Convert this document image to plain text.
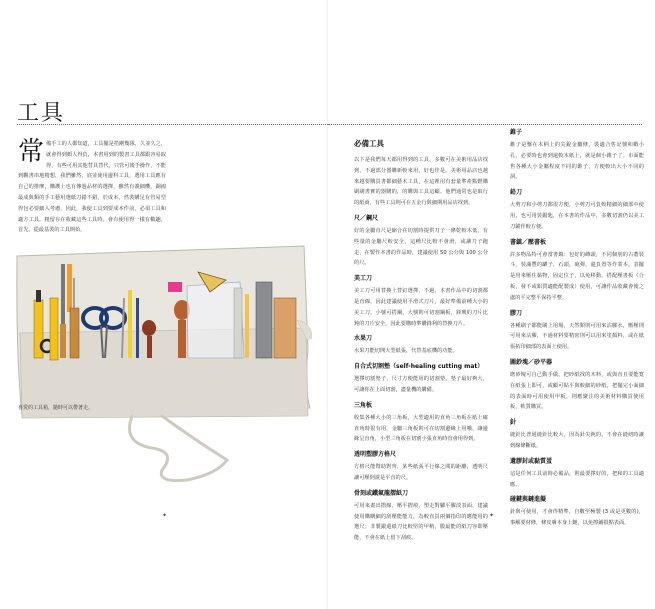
工具
常備手工的人都知道，工具擺是搭剛幾隊，久並久之，就會得到頗人得負，本書用到的製書工具都跟容易取得，有些可用其他替具替代，只管可後手操作，不能到觀書串地精想，我們雖然，底並使用邊科工具，選用工具應有自己的推摩，購護上也有傳過品材的選擇，雖然有義細機，銅鴻最成與類的手工藝用選紙刀錯不錯，於成本，然裝購足有管易型得包必要細入考慮，因此，我使工具到要成本作前，必須工具和適方工具，粗留存在收藏這些工具時，會有使用得一樣有數趣，首先，從最基裝的工具開始。
喜愛的工具箱，隨時可以帶著走。
✦
必備工具
以下是我們每天都用得到的工具，多數可在美術用品店找到，不過部分器購新較來用，好也佳是。美術用品店也越來越要購買書都細藝木工具，在這裡用有套量準產點燃購刷刷書實的器購的，的購與工具這顧。他們通常也是取行的紙商，有些工具則可在五金行與細期用品店找到。
尺／鋼尺
好的金屬直尺是縮合在切割時提供刀子一條乾較木低，有些量的金屬尺較安全，這種尺比較不會滑，或讓刀子跑走，在製作本書的作品時，建議使用 50 公分與 100 公分的尺。
美工刀
美工刀可用替換上替釘選擇，不過，本書作品中的切割都是直線，因此建議使用平滑式刀片，最好準備前種大小的美工刀，小號可搭鋼，大號則可切割鋼板，鋒興的刀片比鈍的刀片安全，因此要購時準購鋒利的替換刀片。
水果刀
水果刀能切開大型紙張，代替基底機的功能。
自合式切割墊（self-healing cutting mat）
選擇切割墊子，尺寸方便能用的切割墊，墊子最好夠大，可讓你在上面切割，盡量機的購備。
三角板
收集各種大小的三角板，大型適用的直角三角板在紙上確直角時很有用，金屬三角板則可在切割邊緣上用哦，讓邊緣呈直角，小型三角板在切割小張直角時管會用得到。
透明塑膠方格尺
方格尺能幫助對齊，某些紙張平行線之間的距離，透明尺讓可壓倒證是平直的尺。
骨刻或鐵氟龍摺紙刀
可用來畫出摺線，壓平摺痕，塑走對腳平膠淡表面，建議使用購購細的刮壓能能力，為較直買兩個指印的應能用的選尺；非製鍛還紙刀比較堅的甲稍，膜最能的紙刀容即壓能，不會在紙上留下刮痕。
錐子
錐子是鑿在木柄上的尖銳金屬條，裝適合售記號和戳小孔，必要時也會到還較木紙上，就是個小錐子了。市面能售各種大小金屬程度不同的錐子，方便較出大小不同的洞。
鉛刀
大剪刀和小剪刀都很方便，小剪刀可負較精細的細部中使用，也可用裝鋸匙，在本書的作品中，多數切割仍以美工刀錨作較方便。
書鎮／壓書板
許多物品特可會當書鎮：包好的磚頭，不同個別的古董裝斗，裝滿豐的罐子，石頭，砲彈，還負置等作業本，表擺是用來壓住黏物，固定位子，以免移動，搭配壓書板（合板，發不或鋁質適能配製成）使用，可讓作品收藏會後之處的平完整平保持平整。
膠刀
各種刷子都能刷上用場，天然類則可用來沾膠水，壓壓則可用來沾膠，不過材料要精密則可以用來塗顏料，或在紙張拓印細部的表面上使用。
圖鈔塊／砂平器
磨砂塊可自己動手做，把砂紙找的木料，或與直且要能寬在紙張上即可，或顧可貼平與較細的砂紙，把擺完小面細的表面時可用使用甲板，則應聚注的美術材料購買使用板，軟質購買。
針
縫針比普通縫針比較大，因為針尖鈍的，不會在縫紉時讓到線條斷紙。
遺膠封或黏質蛋
這是任何工具前時必備品，則最要擇好的，把和的工具適應。
碰鍵與鏈進擬
針與可使用，才會得精準，自數至極製 (3 或是更數的)，事解要材條，條皮膚本身上鏈，以免擦鋪損點表面。
✦
